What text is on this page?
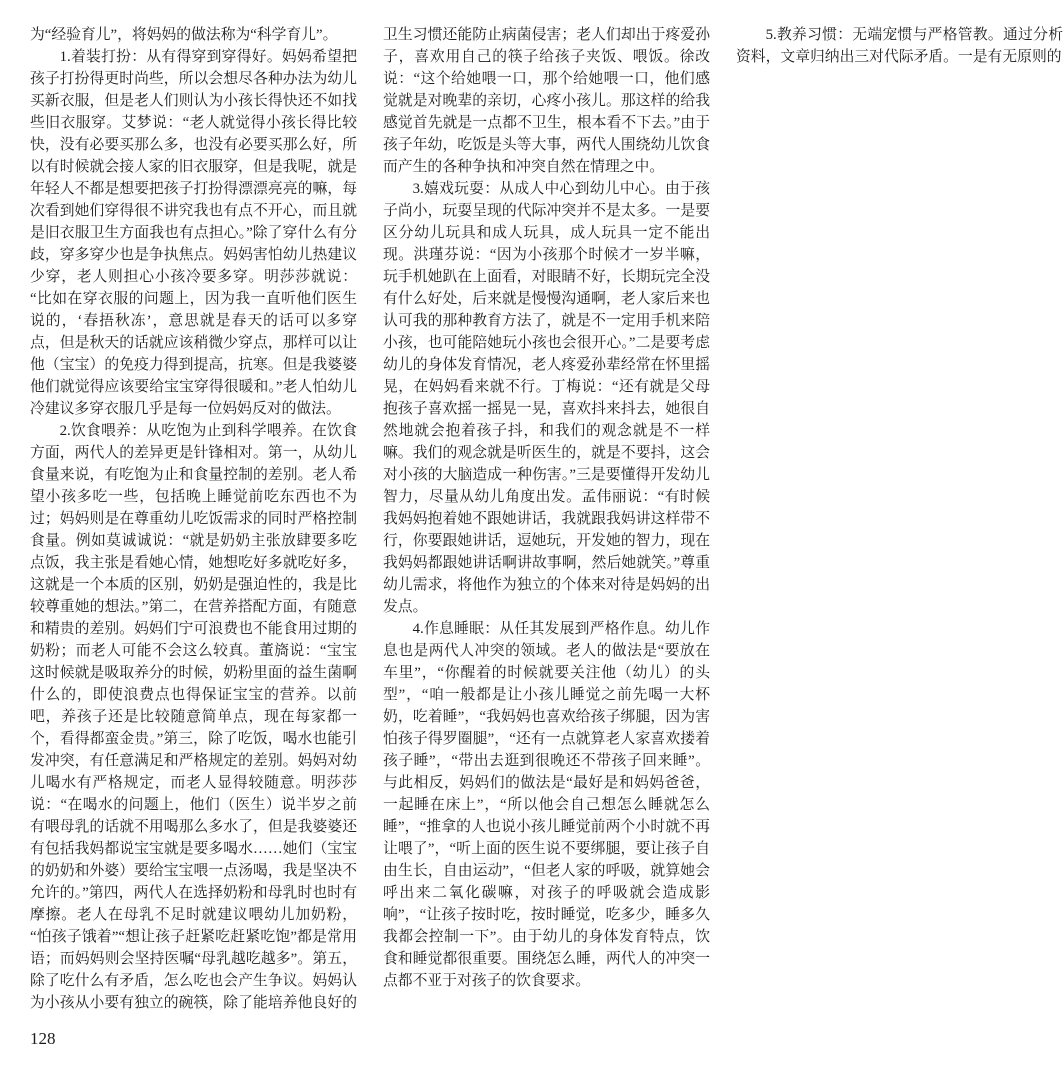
为“经验育儿”，将妈妈的做法称为“科学育儿”。

1.着装打扮：从有得穿到穿得好。妈妈希望把孩子打扮得更时尚些，所以会想尽各种办法为幼儿买新衣服，但是老人们则认为小孩长得快还不如找些旧衣服穿。艾梦说：“老人就觉得小孩长得比较快，没有必要买那么多，也没有必要买那么好，所以有时候就会接人家的旧衣服穿，但是我呢，就是年轻人不都是想要把孩子打扮得漂漂亮亮的嘛，每次看到她们穿得很不讲究我也有点不开心，而且就是旧衣服卫生方面我也有点担心。”除了穿什么有分歧，穿多穿少也是争执焦点。妈妈害怕幼儿热建议少穿，老人则担心小孩冷要多穿。明莎莎就说：“比如在穿衣服的问题上，因为我一直听他们医生说的，‘春捂秋冻’，意思就是春天的话可以多穿点，但是秋天的话就应该稍微少穿点，那样可以让他（宝宝）的免疫力得到提高，抗寒。但是我婆婆他们就觉得应该要给宝宝穿得很暖和。”老人怕幼儿冷建议多穿衣服几乎是每一位妈妈反对的做法。

2.饮食喂养：从吃饱为止到科学喂养。在饮食方面，两代人的差异更是针锋相对。第一，从幼儿食量来说，有吃饱为止和食量控制的差别。老人希望小孩多吃一些，包括晚上睡觉前吃东西也不为过；妈妈则是在尊重幼儿吃饭需求的同时严格控制食量。例如莫诚诚说：“就是奶奶主张放肆要多吃点饭，我主张是看她心情，她想吃好多就吃好多，这就是一个本质的区别，奶奶是强迫性的，我是比较尊重她的想法。”第二，在营养搭配方面，有随意和精贵的差别。妈妈们宁可浪费也不能食用过期的奶粉；而老人可能不会这么较真。董旖说：“宝宝这时候就是吸取养分的时候，奶粉里面的益生菌啊什么的，即使浪费点也得保证宝宝的营养。以前吧，养孩子还是比较随意简单点，现在每家都一个，看得都蛮金贵。”第三，除了吃饭，喝水也能引发冲突，有任意满足和严格规定的差别。妈妈对幼儿喝水有严格规定，而老人显得较随意。明莎莎说：“在喝水的问题上，他们（医生）说半岁之前有喂母乳的话就不用喝那么多水了，但是我婆婆还有包括我妈都说宝宝就是要多喝水……她们（宝宝的奶奶和外婆）要给宝宝喂一点汤喝，我是坚决不允许的。”第四，两代人在选择奶粉和母乳时也时有摩擦。老人在母乳不足时就建议喂幼儿加奶粉，“怕孩子饿着”“想让孩子赶紧吃赶紧吃饱”都是常用语；而妈妈则会坚持医嘱“母乳越吃越多”。第五，除了吃什么有矛盾，怎么吃也会产生争议。妈妈认为小孩从小要有独立的碗筷，除了能培养他良好的卫生习惯还能防止病菌侵害；老人们却出于疼爱孙子，喜欢用自己的筷子给孩子夹饭、喂饭。徐改说：“这个给她喂一口，那个给她喂一口，他们感觉就是对晚辈的亲切，心疼小孩儿。那这样的给我感觉首先就是一点都不卫生，根本看不下去。”由于孩子年幼，吃饭是头等大事，两代人围绕幼儿饮食而产生的各种争执和冲突自然在情理之中。

3.嬉戏玩耍：从成人中心到幼儿中心。由于孩子尚小，玩耍呈现的代际冲突并不是太多。一是要区分幼儿玩具和成人玩具，成人玩具一定不能出现。洪瑾芬说：“因为小孩那个时候才一岁半嘛，玩手机她趴在上面看，对眼睛不好，长期玩完全没有什么好处，后来就是慢慢沟通啊，老人家后来也认可我的那种教育方法了，就是不一定用手机来陪小孩，也可能陪她玩小孩也会很开心。”二是要考虑幼儿的身体发育情况，老人疼爱孙辈经常在怀里摇晃，在妈妈看来就不行。丁梅说：“还有就是父母抱孩子喜欢摇一摇晃一晃，喜欢抖来抖去，她很自然地就会抱着孩子抖，和我们的观念就是不一样嘛。我们的观念就是听医生的，就是不要抖，这会对小孩的大脑造成一种伤害。”三是要懂得开发幼儿智力，尽量从幼儿角度出发。孟伟丽说：“有时候我妈妈抱着她不跟她讲话，我就跟我妈讲这样带不行，你要跟她讲话，逗她玩，开发她的智力，现在我妈妈都跟她讲话啊讲故事啊，然后她就笑。”尊重幼儿需求，将他作为独立的个体来对待是妈妈的出发点。

4.作息睡眠：从任其发展到严格作息。幼儿作息也是两代人冲突的领域。老人的做法是“要放在车里”，“你醒着的时候就要关注他（幼儿）的头型”，“咱一般都是让小孩儿睡觉之前先喝一大杯奶，吃着睡”，“我妈妈也喜欢给孩子绑腿，因为害怕孩子得罗圈腿”，“还有一点就算老人家喜欢搂着孩子睡”，“带出去逛到很晚还不带孩子回来睡”。与此相反，妈妈们的做法是“最好是和妈妈爸爸，一起睡在床上”，“所以他会自己想怎么睡就怎么睡”，“推拿的人也说小孩儿睡觉前两个小时就不再让喂了”，“听上面的医生说不要绑腿，要让孩子自由生长，自由运动”，“但老人家的呼吸，就算她会呼出来二氧化碳嘛，对孩子的呼吸就会造成影响”，“让孩子按时吃，按时睡觉，吃多少，睡多久我都会控制一下”。由于幼儿的身体发育特点，饮食和睡觉都很重要。围绕怎么睡，两代人的冲突一点都不亚于对孩子的饮食要求。

5.教养习惯：无端宠惯与严格管教。通过分析资料，文章归纳出三对代际矛盾。一是有无原则的

128
